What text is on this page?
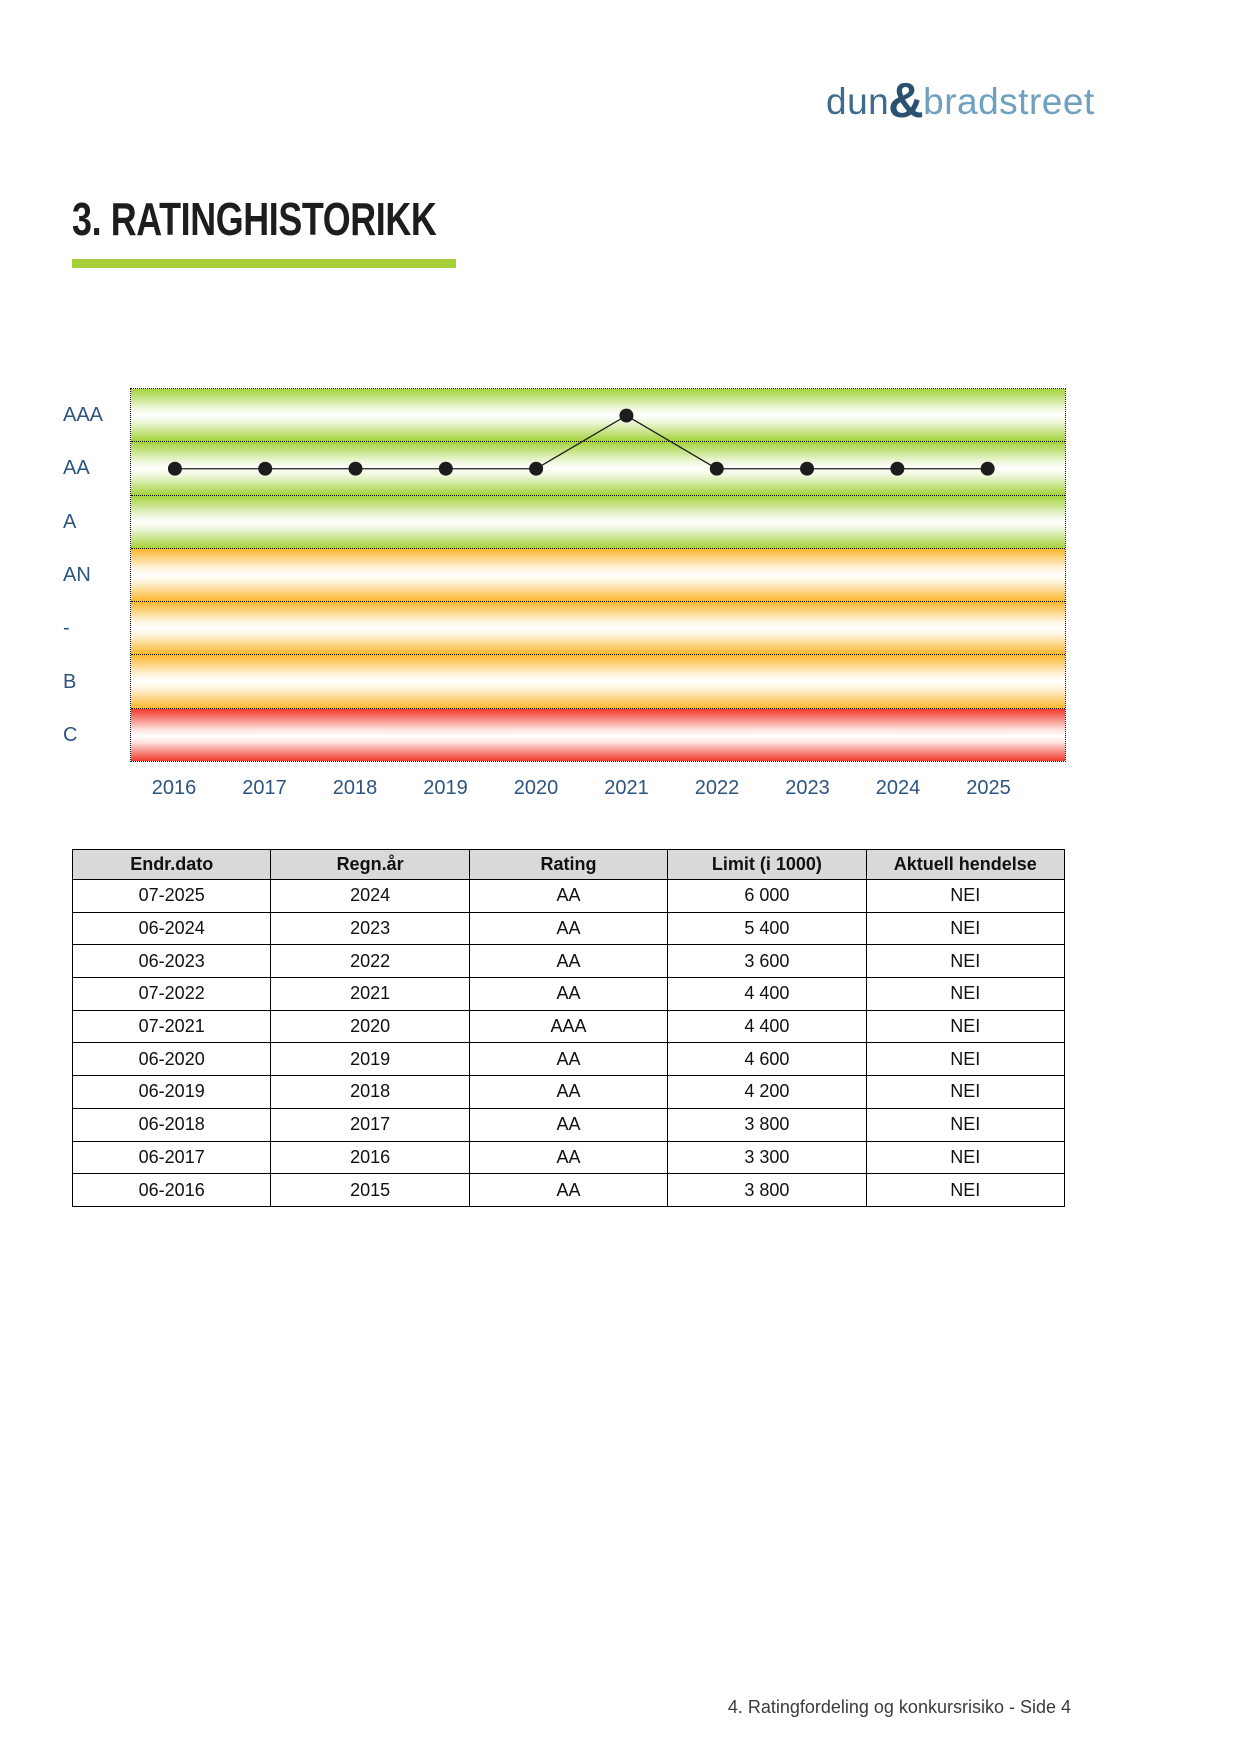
dun & bradstreet
3. RATINGHISTORIKK
AAA
AA
A
AN
-
B
C
2016 2017 2018 2019 2020 2021 2022 2023 2024 2025
Endr.dato	Regn.år	Rating	Limit (i 1000)	Aktuell hendelse
07-2025	2024	AA	6 000	NEI
06-2024	2023	AA	5 400	NEI
06-2023	2022	AA	3 600	NEI
07-2022	2021	AA	4 400	NEI
07-2021	2020	AAA	4 400	NEI
06-2020	2019	AA	4 600	NEI
06-2019	2018	AA	4 200	NEI
06-2018	2017	AA	3 800	NEI
06-2017	2016	AA	3 300	NEI
06-2016	2015	AA	3 800	NEI
4. Ratingfordeling og konkursrisiko - Side 4
